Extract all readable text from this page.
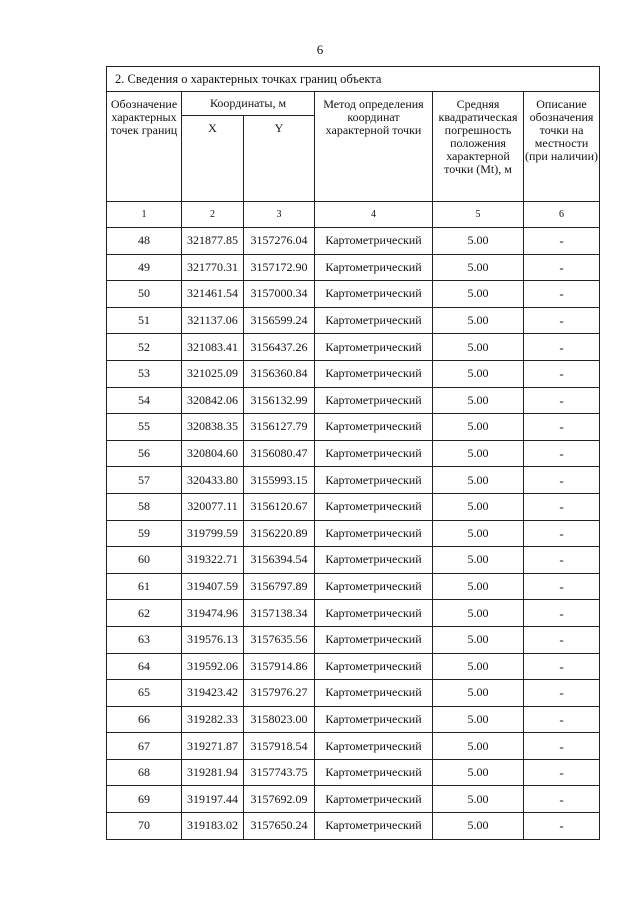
6
2. Сведения о характерных точках границ объекта					
Обозначение характерных точек границ	Координаты, м		Метод определения координат характерной точки	Средняя квадратическая погрешность положения характерной точки (Mt), м	Описание обозначения точки на местности (при наличии)
	X	Y			
1	2	3	4	5	6
48	321877.85	3157276.04	Картометрический	5.00	-
49	321770.31	3157172.90	Картометрический	5.00	-
50	321461.54	3157000.34	Картометрический	5.00	-
51	321137.06	3156599.24	Картометрический	5.00	-
52	321083.41	3156437.26	Картометрический	5.00	-
53	321025.09	3156360.84	Картометрический	5.00	-
54	320842.06	3156132.99	Картометрический	5.00	-
55	320838.35	3156127.79	Картометрический	5.00	-
56	320804.60	3156080.47	Картометрический	5.00	-
57	320433.80	3155993.15	Картометрический	5.00	-
58	320077.11	3156120.67	Картометрический	5.00	-
59	319799.59	3156220.89	Картометрический	5.00	-
60	319322.71	3156394.54	Картометрический	5.00	-
61	319407.59	3156797.89	Картометрический	5.00	-
62	319474.96	3157138.34	Картометрический	5.00	-
63	319576.13	3157635.56	Картометрический	5.00	-
64	319592.06	3157914.86	Картометрический	5.00	-
65	319423.42	3157976.27	Картометрический	5.00	-
66	319282.33	3158023.00	Картометрический	5.00	-
67	319271.87	3157918.54	Картометрический	5.00	-
68	319281.94	3157743.75	Картометрический	5.00	-
69	319197.44	3157692.09	Картометрический	5.00	-
70	319183.02	3157650.24	Картометрический	5.00	-
